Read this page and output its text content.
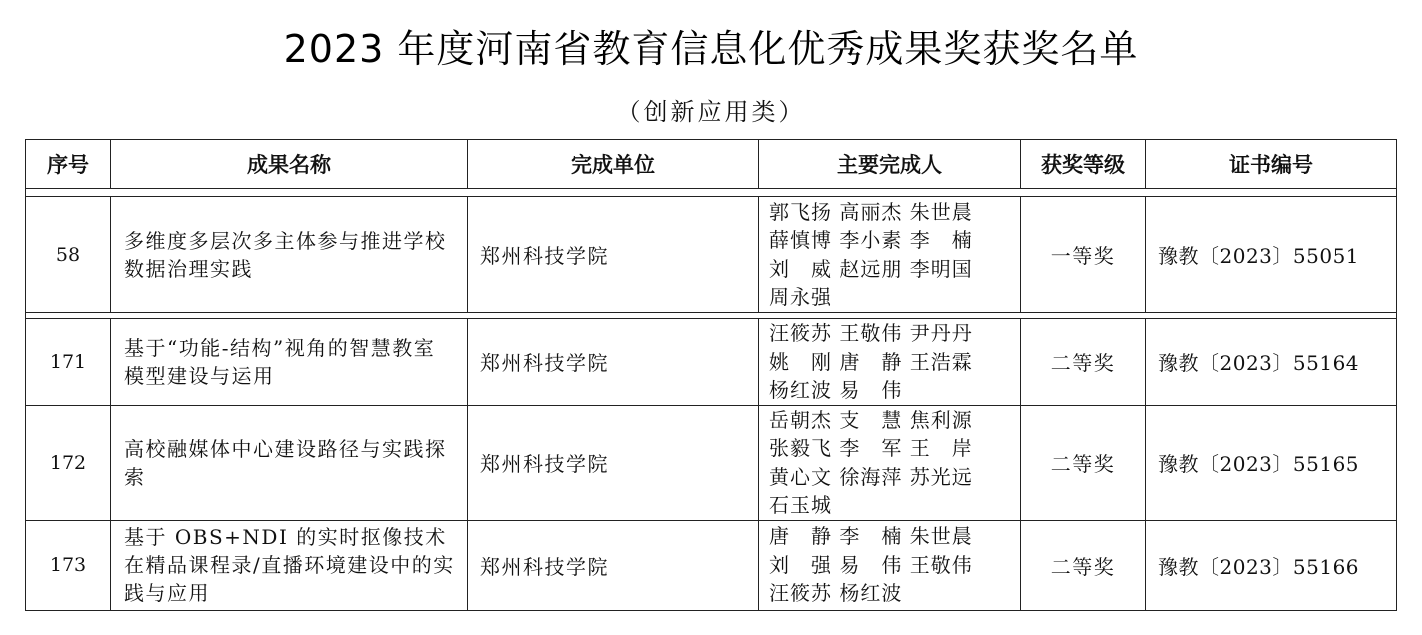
2023 年度河南省教育信息化优秀成果奖获奖名单
（创新应用类）
序号	成果名称	完成单位	主要完成人	获奖等级	证书编号

58	多维度多层次多主体参与推进学校数据治理实践	郑州科技学院	郭飞扬 高丽杰 朱世晨
薛慎博 李小素 李　楠
刘　威 赵远朋 李明国
周永强	一等奖	豫教〔2023〕55051

171	基于“功能-结构”视角的智慧教室模型建设与运用	郑州科技学院	汪筱苏 王敬伟 尹丹丹
姚　刚 唐　静 王浩霖
杨红波 易　伟	二等奖	豫教〔2023〕55164
172	高校融媒体中心建设路径与实践探索	郑州科技学院	岳朝杰 支　慧 焦利源
张毅飞 李　军 王　岸
黄心文 徐海萍 苏光远
石玉城	二等奖	豫教〔2023〕55165
173	基于 OBS+NDI 的实时抠像技术在精品课程录/直播环境建设中的实践与应用	郑州科技学院	唐　静 李　楠 朱世晨
刘　强 易　伟 王敬伟
汪筱苏 杨红波	二等奖	豫教〔2023〕55166
